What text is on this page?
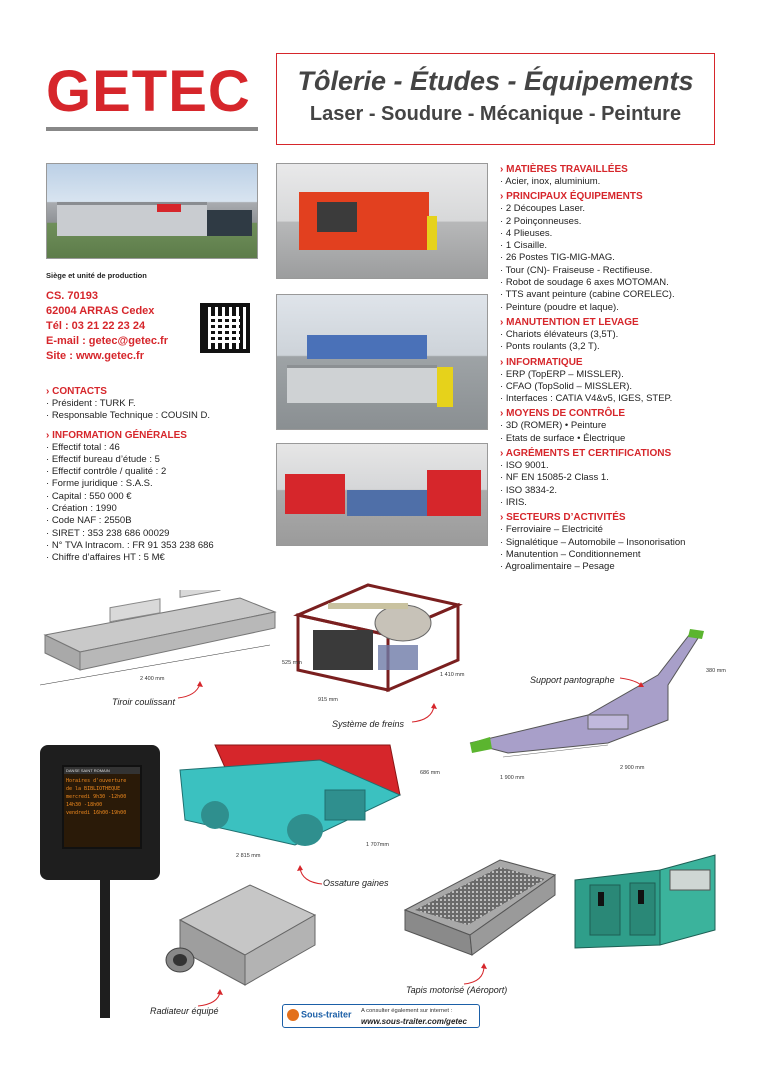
GETEC	Tôlerie - Études - Équipements
Laser - Soudure - Mécanique - Peinture
Siège et unité de production
CS. 70193
62004 ARRAS Cedex
Tél : 03 21 22 23 24
E-mail : getec@getec.fr
Site : www.getec.fr
› CONTACTS
· Président : TURK F.
· Responsable Technique : COUSIN D.
› INFORMATION GÉNÉRALES
· Effectif total : 46
· Effectif bureau d’étude : 5
· Effectif contrôle / qualité : 2
· Forme juridique : S.A.S.
· Capital : 550 000 €
· Création : 1990
· Code NAF : 2550B
· SIRET : 353 238 686 00029
· N° TVA Intracom. : FR 91 353 238 686
· Chiffre d’affaires HT : 5 M€
› MATIÈRES TRAVAILLÉES
· Acier, inox, aluminium.
› PRINCIPAUX ÉQUIPEMENTS
· 2 Découpes Laser.
· 2 Poinçonneuses.
· 4 Plieuses.
· 1 Cisaille.
· 26 Postes TIG-MIG-MAG.
· Tour (CN)- Fraiseuse - Rectifieuse.
· Robot de soudage 6 axes MOTOMAN.
· TTS avant peinture (cabine CORELEC).
· Peinture (poudre et laque).
› MANUTENTION ET LEVAGE
· Chariots élévateurs (3,5T).
· Ponts roulants (3,2 T).
› INFORMATIQUE
· ERP (TopERP – MISSLER).
· CFAO (TopSolid – MISSLER).
· Interfaces : CATIA V4&v5, IGES, STEP.
› MOYENS DE CONTRÔLE
· 3D (ROMER) • Peinture
· Etats de surface • Électrique
› AGRÉMENTS ET CERTIFICATIONS
· ISO 9001.
· NF EN 15085-2 Class 1.
· ISO 3834-2.
· IRIS.
› SECTEURS D’ACTIVITÉS
· Ferroviaire – Electricité
· Signalétique – Automobile – Insonorisation
· Manutention – Conditionnement
· Agroalimentaire – Pesage
2 400 mm
Tiroir coulissant
525 mm
915 mm
1 410 mm
Système de freins
Support pantographe
380 mm
1 900 mm
2 900 mm
DANSE SAINT ROMAIN
Horaires d'ouverture
de la BIBLIOTHEQUE
mercredi 9h30 -12h00
14h30 -18h00
vendredi 16h00-19h00
686 mm
2 815 mm
1 707mm
Ossature gaines
Radiateur équipé
Tapis motorisé (Aéroport)
Sous-traiter A consulter également sur internet :
www.sous-traiter.com/getec
